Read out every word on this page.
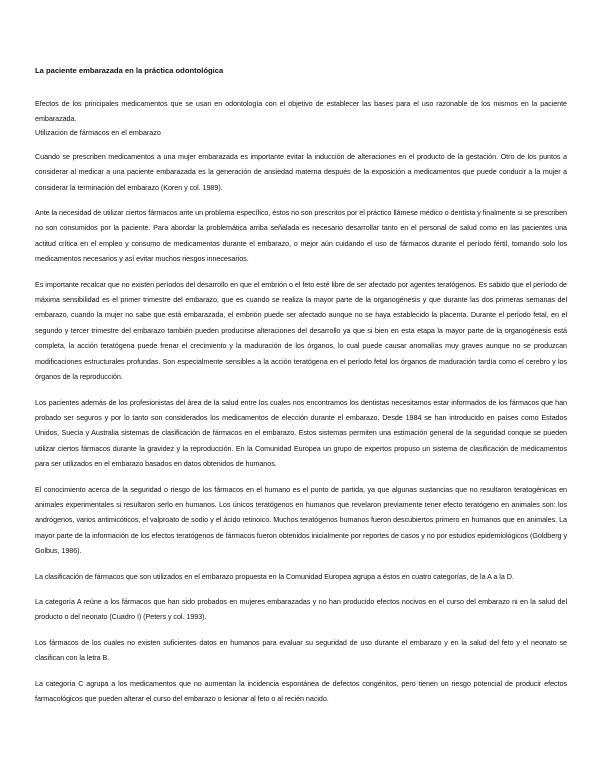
La paciente embarazada en la práctica odontológica
Efectos de los principales medicamentos que se usan en odontología con el objetivo de establecer las bases para el uso razonable de los mismos en la paciente embarazada.
Utilización de fármacos en el embarazo
Cuando se prescriben medicamentos a una mujer embarazada es importante evitar la inducción de alteraciones en el producto de la gestación. Otro de los puntos a considerar al medicar a una paciente embarazada es la generación de ansiedad materna después de la exposición a medicamentos que puede conducir a la mujer a considerar la terminación del embarazo (Koren y col. 1989).
Ante la necesidad de utilizar ciertos fármacos ante un problema específico, éstos no son prescritos por el práctico llámese médico o dentista y finalmente si se prescriben no son consumidos por la paciente. Para abordar la problemática arriba señalada es necesario desarrollar tanto en el personal de salud como en las pacientes una actitud crítica en el empleo y consumo de medicamentos durante el embarazo, o mejor aún cuidando el uso de fármacos durante el período fértil, tomando solo los medicamentos necesarios y así evitar muchos riesgos innecesarios.
Es importante recalcar que no existen períodos del desarrollo en que el embrión o el feto esté libre de ser afectado por agentes teratógenos. Es sabido que el período de máxima sensibilidad es el primer trimestre del embarazo, que es cuando se realiza la mayor parte de la organogénesis y que durante las dos primeras semanas del embarazo, cuando la mujer no sabe que está embarazada, el embrión puede ser afectado aunque no se haya establecido la placenta. Durante el período fetal, en el segundo y tercer trimestre del embarazo también pueden producirse alteraciones del desarrollo ya que si bien en esta etapa la mayor parte de la organogénesis está completa, la acción teratógena puede frenar el crecimiento y la maduración de los órganos, lo cual puede causar anomalías muy graves aunque no se produzcan modificaciones estructurales profundas. Son especialmente sensibles a la acción teratógena en el período fetal los órganos de maduración tardía como el cerebro y los órganos de la reproducción.
Los pacientes además de los profesionistas del área de la salud entre los cuales nos encontramos los dentistas necesitamos estar informados de los fármacos que han probado ser seguros y por lo tanto son considerados los medicamentos de elección durante el embarazo. Desde 1984 se han introducido en países como Estados Unidos, Suecia y Australia sistemas de clasificación de fármacos en el embarazo. Estos sistemas permiten una estimación general de la seguridad conque se pueden utilizar ciertos fármacos durante la gravidez y la reproducción. En la Comunidad Europea un grupo de expertos propuso un sistema de clasificación de medicamentos para ser utilizados en el embarazo basados en datos obtenidos de humanos.
El conocimiento acerca de la seguridad o riesgo de los fármacos en el humano es el punto de partida, ya que algunas sustancias que no resultaron teratogénicas en animales experimentales si resultaron serlo en humanos. Los únicos teratógenos en humanos que revelaron previamente tener efecto teratógeno en animales son: los andrógenos, varios antimicóticos, el valproato de sodio y el ácido retinoico. Muchos teratógenos humanos fueron descubiertos primero en humanos que en animales. La mayor parte de la información de los efectos teratógenos de fármacos fueron obtenidos inicialmente por reportes de casos y no por estudios epidemiológicos (Goldberg y Golbus, 1986).
La clasificación de fármacos que son utilizados en el embarazo propuesta en la Comunidad Europea agrupa a éstos en cuatro categorías, de la A a la D.
La categoría A reúne a los fármacos que han sido probados en mujeres embarazadas y no han producido efectos nocivos en el curso del embarazo ni en la salud del producto o del neonato (Cuadro I) (Peters y col. 1993).
Los fármacos de los cuales no existen suficientes datos en humanos para evaluar su seguridad de uso durante el embarazo y en la salud del feto y el neonato se clasifican con la letra B.
La categoría C agrupa a los medicamentos que no aumentan la incidencia espontánea de defectos congénitos, pero tienen un riesgo potencial de producir efectos farmacológicos que pueden alterar el curso del embarazo o lesionar al feto o al recién nacido.
